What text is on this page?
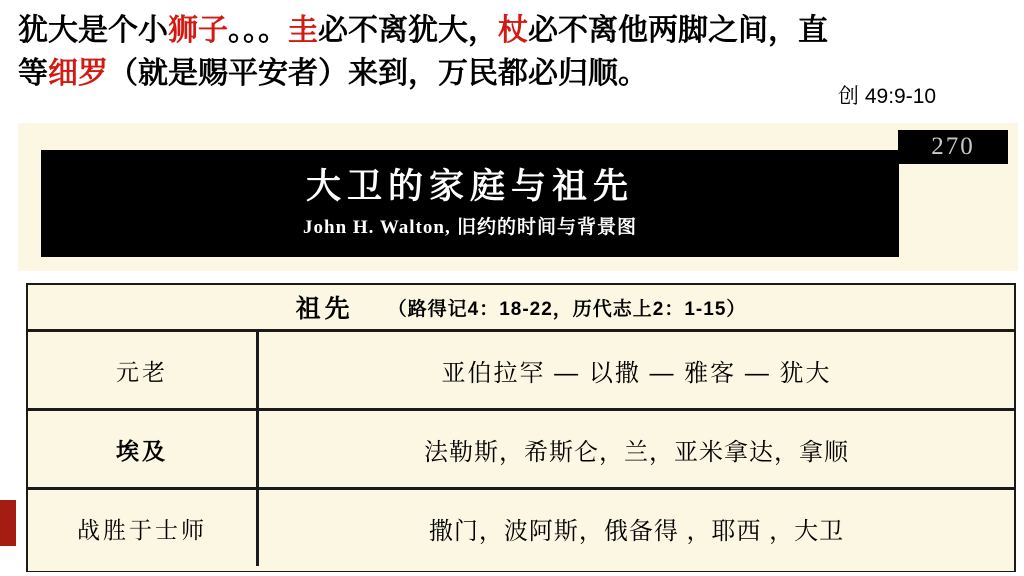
犹大是个小狮子。。。圭必不离犹大，杖必不离他两脚之间，直
等细罗（就是赐平安者）来到，万民都必归顺。
创 49:9-10
270
大卫的家庭与祖先
John H. Walton, 旧约的时间与背景图
祖先 （路得记4：18-22，历代志上2：1-15）
元老	亚伯拉罕 — 以撒 — 雅客 — 犹大
埃及	法勒斯，希斯仑，兰，亚米拿达，拿顺
战胜于士师	撒门，波阿斯，俄备得 ，耶西 ，大卫
